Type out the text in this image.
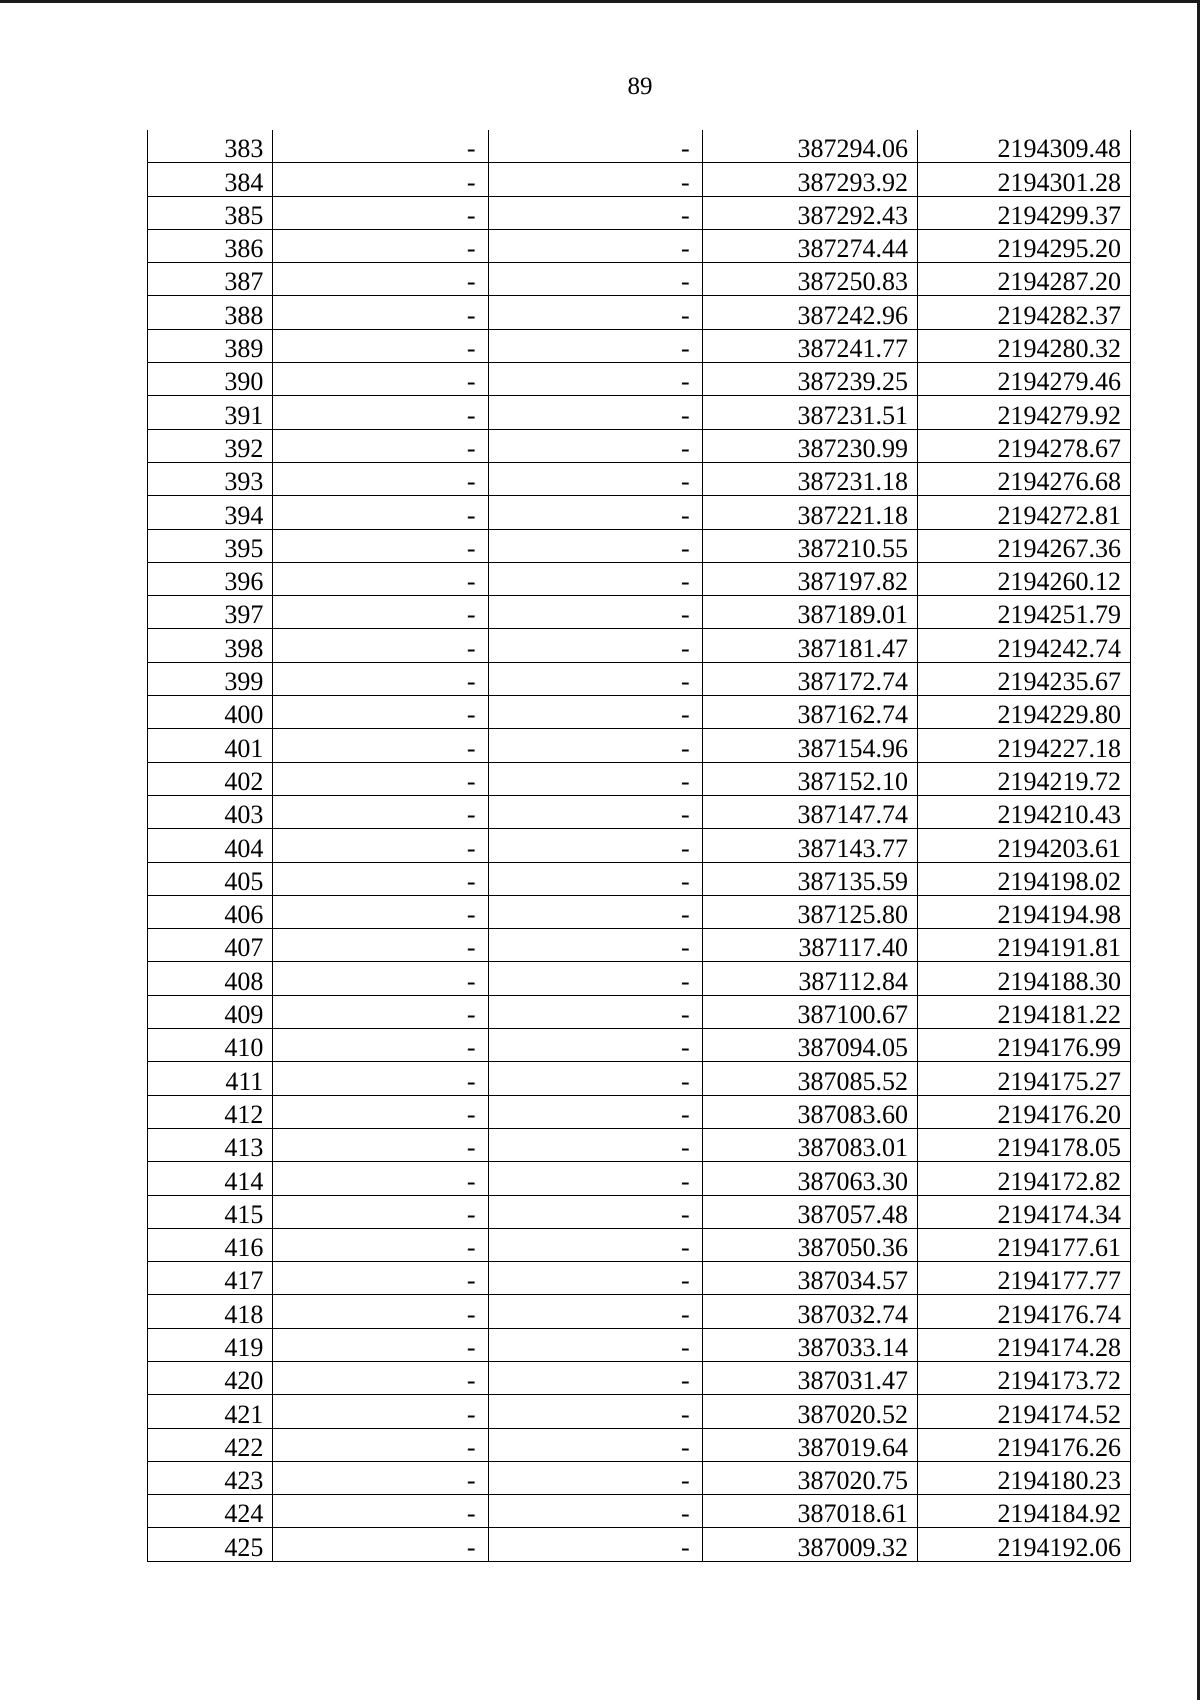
89
383	-	-	387294.06	2194309.48
384	-	-	387293.92	2194301.28
385	-	-	387292.43	2194299.37
386	-	-	387274.44	2194295.20
387	-	-	387250.83	2194287.20
388	-	-	387242.96	2194282.37
389	-	-	387241.77	2194280.32
390	-	-	387239.25	2194279.46
391	-	-	387231.51	2194279.92
392	-	-	387230.99	2194278.67
393	-	-	387231.18	2194276.68
394	-	-	387221.18	2194272.81
395	-	-	387210.55	2194267.36
396	-	-	387197.82	2194260.12
397	-	-	387189.01	2194251.79
398	-	-	387181.47	2194242.74
399	-	-	387172.74	2194235.67
400	-	-	387162.74	2194229.80
401	-	-	387154.96	2194227.18
402	-	-	387152.10	2194219.72
403	-	-	387147.74	2194210.43
404	-	-	387143.77	2194203.61
405	-	-	387135.59	2194198.02
406	-	-	387125.80	2194194.98
407	-	-	387117.40	2194191.81
408	-	-	387112.84	2194188.30
409	-	-	387100.67	2194181.22
410	-	-	387094.05	2194176.99
411	-	-	387085.52	2194175.27
412	-	-	387083.60	2194176.20
413	-	-	387083.01	2194178.05
414	-	-	387063.30	2194172.82
415	-	-	387057.48	2194174.34
416	-	-	387050.36	2194177.61
417	-	-	387034.57	2194177.77
418	-	-	387032.74	2194176.74
419	-	-	387033.14	2194174.28
420	-	-	387031.47	2194173.72
421	-	-	387020.52	2194174.52
422	-	-	387019.64	2194176.26
423	-	-	387020.75	2194180.23
424	-	-	387018.61	2194184.92
425	-	-	387009.32	2194192.06
